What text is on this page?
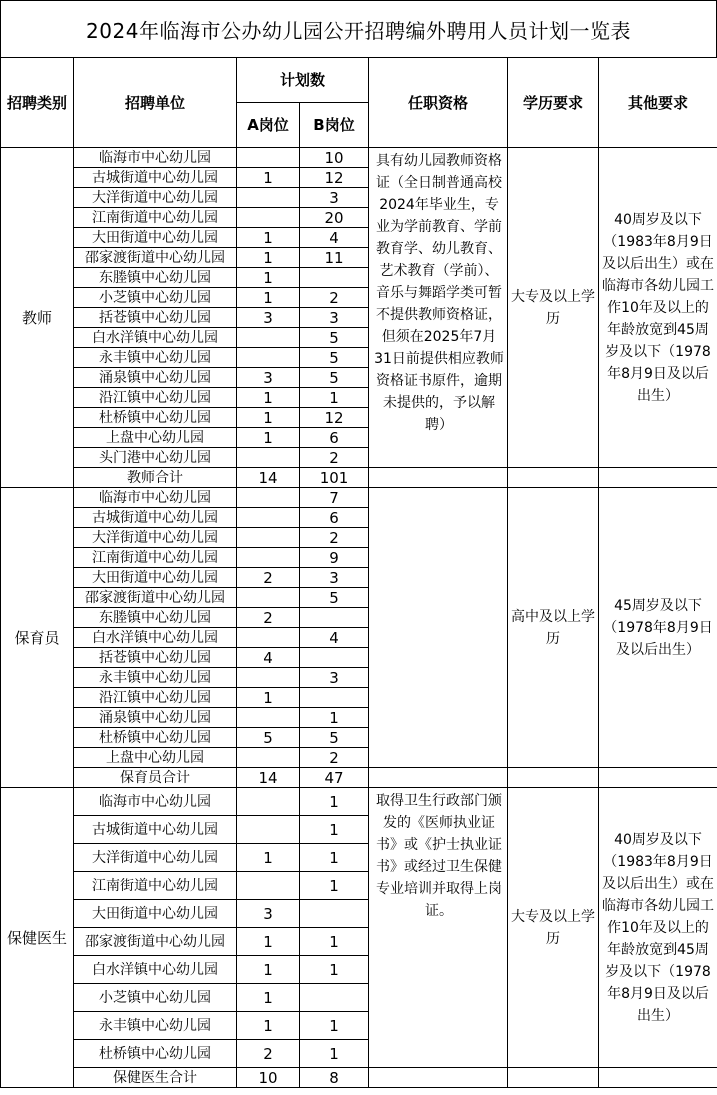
2024年临海市公办幼儿园公开招聘编外聘用人员计划一览表
招聘类别	招聘单位	计划数		任职资格	学历要求	其他要求
		A岗位	B岗位			
教师	临海市中心幼儿园		10	具有幼儿园教师资格证（全日制普通高校2024年毕业生，专业为学前教育、学前教育学、幼儿教育、艺术教育（学前）、音乐与舞蹈学类可暂不提供教师资格证，但须在2025年7月31日前提供相应教师资格证书原件，逾期未提供的，予以解聘）	大专及以上学历	40周岁及以下（1983年8月9日及以后出生）或在临海市各幼儿园工作10年及以上的年龄放宽到45周岁及以下（1978年8月9日及以后出生）
	古城街道中心幼儿园	1	12			
	大洋街道中心幼儿园		3			
	江南街道中心幼儿园		20			
	大田街道中心幼儿园	1	4			
	邵家渡街道中心幼儿园	1	11			
	东塍镇中心幼儿园	1				
	小芝镇中心幼儿园	1	2			
	括苍镇中心幼儿园	3	3			
	白水洋镇中心幼儿园		5			
	永丰镇中心幼儿园		5			
	涌泉镇中心幼儿园	3	5			
	沿江镇中心幼儿园	1	1			
	杜桥镇中心幼儿园	1	12			
	上盘中心幼儿园	1	6			
	头门港中心幼儿园		2			
	教师合计	14	101			
保育员	临海市中心幼儿园		7		高中及以上学历	45周岁及以下（1978年8月9日及以后出生）
	古城街道中心幼儿园		6			
	大洋街道中心幼儿园		2			
	江南街道中心幼儿园		9			
	大田街道中心幼儿园	2	3			
	邵家渡街道中心幼儿园		5			
	东塍镇中心幼儿园	2				
	白水洋镇中心幼儿园		4			
	括苍镇中心幼儿园	4				
	永丰镇中心幼儿园		3			
	沿江镇中心幼儿园	1				
	涌泉镇中心幼儿园		1			
	杜桥镇中心幼儿园	5	5			
	上盘中心幼儿园		2			
	保育员合计	14	47			
保健医生	临海市中心幼儿园		1	取得卫生行政部门颁发的《医师执业证书》或《护士执业证书》或经过卫生保健专业培训并取得上岗证。	大专及以上学历	40周岁及以下（1983年8月9日及以后出生）或在临海市各幼儿园工作10年及以上的年龄放宽到45周岁及以下（1978年8月9日及以后出生）
	古城街道中心幼儿园		1			
	大洋街道中心幼儿园	1	1			
	江南街道中心幼儿园		1			
	大田街道中心幼儿园	3				
	邵家渡街道中心幼儿园	1	1			
	白水洋镇中心幼儿园	1	1			
	小芝镇中心幼儿园	1				
	永丰镇中心幼儿园	1	1			
	杜桥镇中心幼儿园	2	1			
	保健医生合计	10	8			
